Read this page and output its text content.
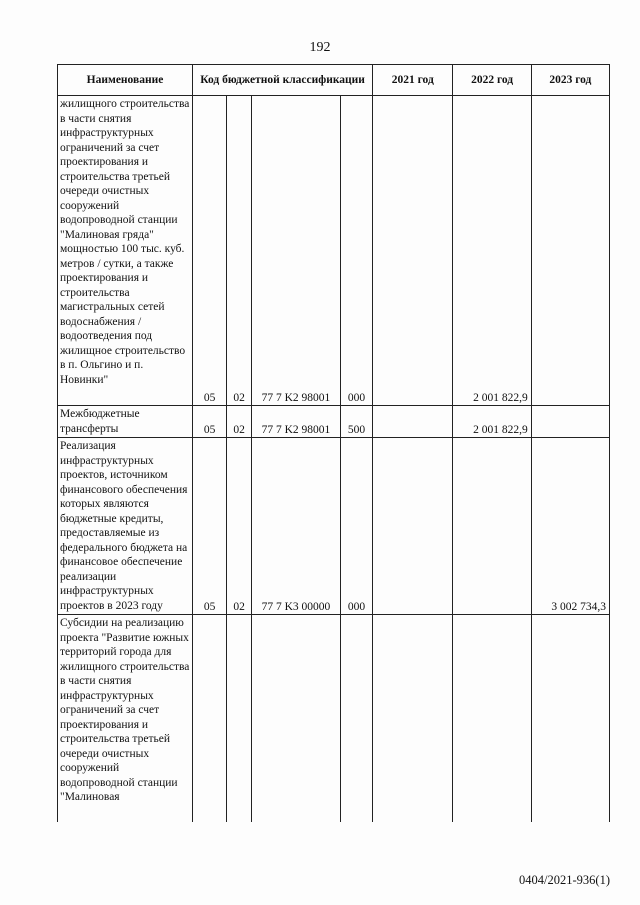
192
Наименование	Код бюджетной классификации				2021 год	2022 год	2023 год
жилищного строительства в части снятия инфраструктурных ограничений за счет проектирования и строительства третьей очереди очистных сооружений водопроводной станции "Малиновая гряда" мощностью 100 тыс. куб. метров / сутки, а также проектирования и строительства магистральных сетей водоснабжения / водоотведения под жилищное строительство в п. Ольгино и п. Новинки"	05	02	77 7 K2 98001	000		2 001 822,9	
Межбюджетные трансферты	05	02	77 7 K2 98001	500		2 001 822,9	
Реализация инфраструктурных проектов, источником финансового обеспечения которых являются бюджетные кредиты, предоставляемые из федерального бюджета на финансовое обеспечение реализации инфраструктурных проектов в 2023 году	05	02	77 7 K3 00000	000			3 002 734,3
Субсидии на реализацию проекта "Развитие южных территорий города для жилищного строительства в части снятия инфраструктурных ограничений за счет проектирования и строительства третьей очереди очистных сооружений водопроводной станции "Малиновая							
0404/2021-936(1)
